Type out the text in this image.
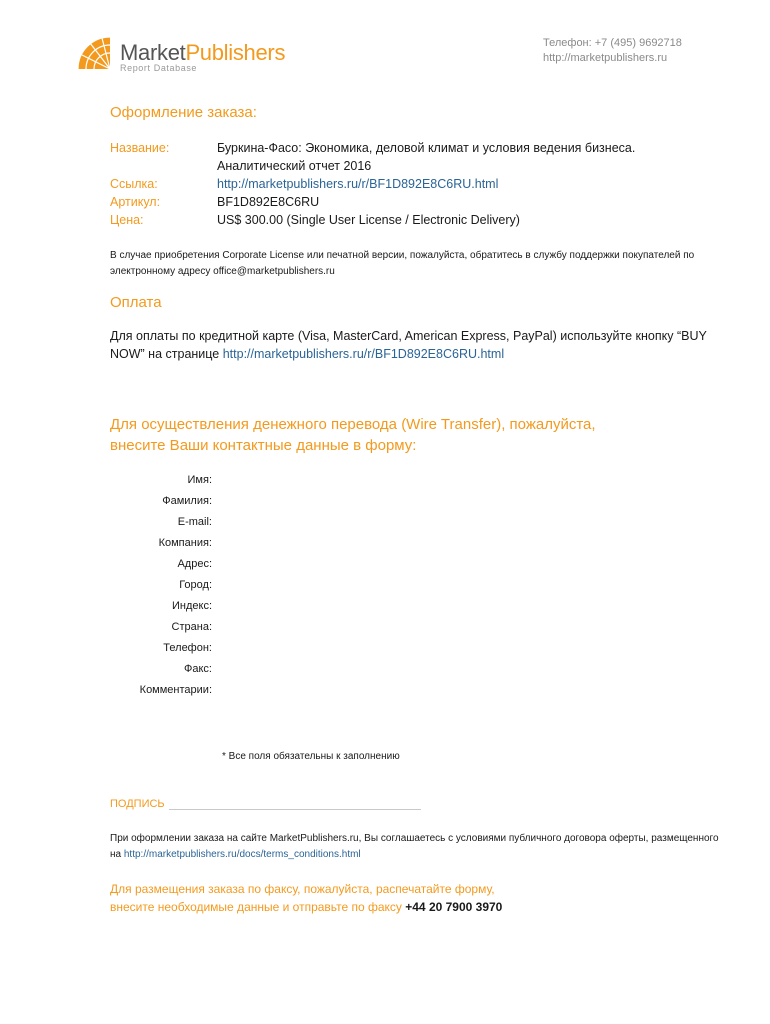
MarketPublishers
Report Database
Телефон: +7 (495) 9692718
http://marketpublishers.ru
Оформление заказа:
Название:	Буркина-Фасо: Экономика, деловой климат и условия ведения бизнеса.
Аналитический отчет 2016
Ссылка:	http://marketpublishers.ru/r/BF1D892E8C6RU.html
Артикул:	BF1D892E8C6RU
Цена:	US$ 300.00 (Single User License / Electronic Delivery)
В случае приобретения Corporate License или печатной версии, пожалуйста, обратитесь в службу поддержки покупателей по
электронному адресу office@marketpublishers.ru
Оплата
Для оплаты по кредитной карте (Visa, MasterCard, American Express, PayPal) используйте кнопку “BUY
NOW” на странице http://marketpublishers.ru/r/BF1D892E8C6RU.html
Для осуществления денежного перевода (Wire Transfer), пожалуйста,
внесите Ваши контактные данные в форму:
Имя:
Фамилия:
E-mail:
Компания:
Адрес:
Город:
Индекс:
Страна:
Телефон:
Факс:
Комментарии:
* Все поля обязательны к заполнению
ПОДПИСЬ
При оформлении заказа на сайте MarketPublishers.ru, Вы соглашаетесь с условиями публичного договора оферты, размещенного
на http://marketpublishers.ru/docs/terms_conditions.html
Для размещения заказа по факсу, пожалуйста, распечатайте форму,
внесите необходимые данные и отправьте по факсу +44 20 7900 3970
